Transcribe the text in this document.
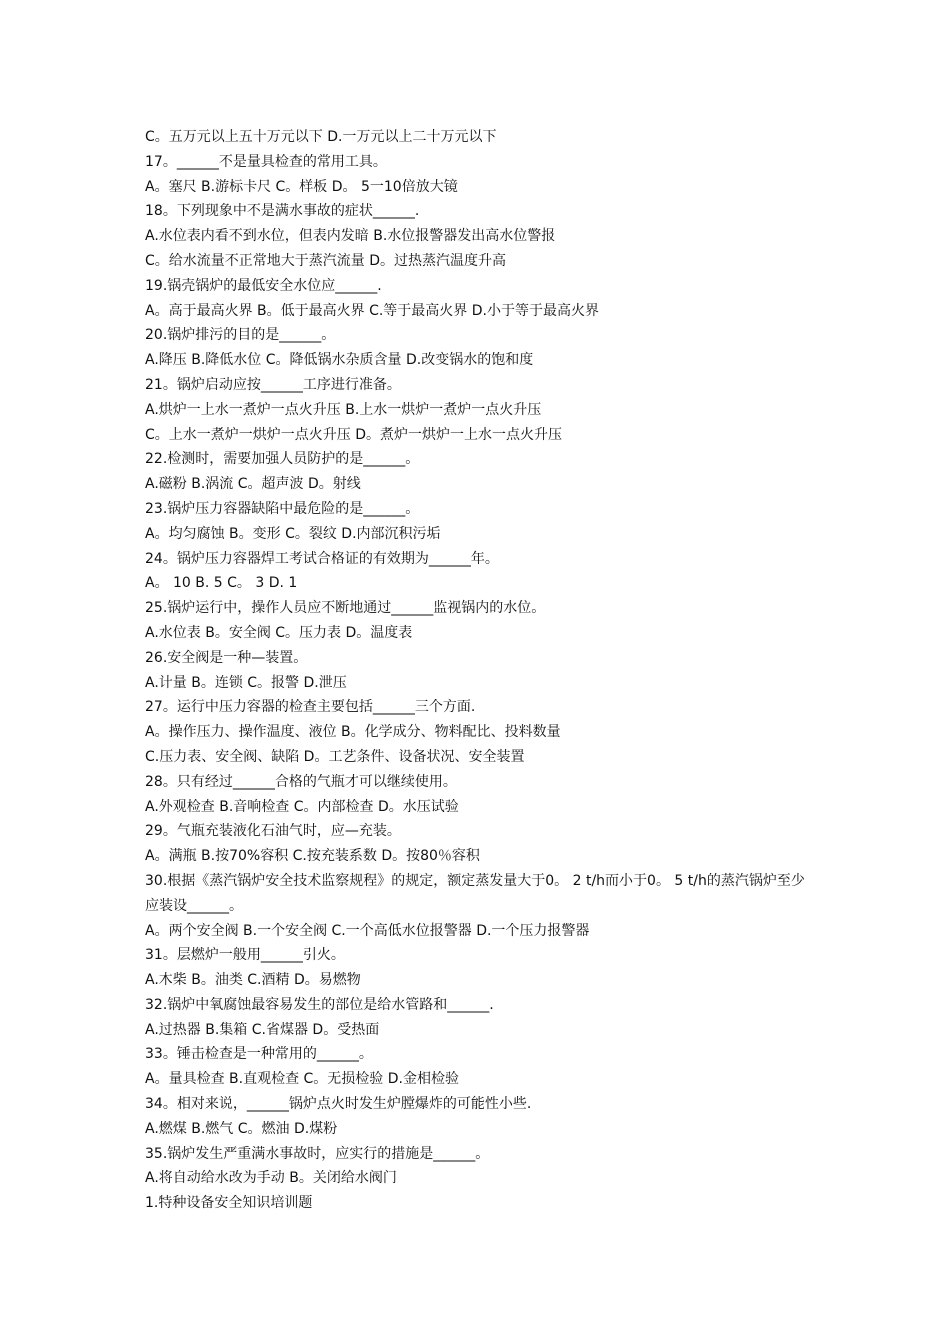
C。五万元以上五十万元以下 D.一万元以上二十万元以下
17。______不是量具检查的常用工具。
A。塞尺 B.游标卡尺 C。样板 D。 5一10倍放大镜
18。下列现象中不是满水事故的症状______.
A.水位表内看不到水位，但表内发暗 B.水位报警器发出高水位警报
C。给水流量不正常地大于蒸汽流量 D。过热蒸汽温度升高
19.锅壳锅炉的最低安全水位应______.
A。高于最高火界 B。低于最高火界 C.等于最高火界 D.小于等于最高火界
20.锅炉排污的目的是______。
A.降压 B.降低水位 C。降低锅水杂质含量 D.改变锅水的饱和度
21。锅炉启动应按______工序进行准备。
A.烘炉一上水一煮炉一点火升压 B.上水一烘炉一煮炉一点火升压
C。上水一煮炉一烘炉一点火升压 D。煮炉一烘炉一上水一点火升压
22.检测时，需要加强人员防护的是______。
A.磁粉 B.涡流 C。超声波 D。射线
23.锅炉压力容器缺陷中最危险的是______。
A。均匀腐蚀 B。变形 C。裂纹 D.内部沉积污垢
24。锅炉压力容器焊工考试合格证的有效期为______年。
A。 10 B. 5 C。 3 D. 1
25.锅炉运行中，操作人员应不断地通过______监视锅内的水位。
A.水位表 B。安全阀 C。压力表 D。温度表
26.安全阀是一种—装置。
A.计量 B。连锁 C。报警 D.泄压
27。运行中压力容器的检查主要包括______三个方面.
A。操作压力、操作温度、液位 B。化学成分、物料配比、投料数量
C.压力表、安全阀、缺陷 D。工艺条件、设备状况、安全装置
28。只有经过______合格的气瓶才可以继续使用。
A.外观检查 B.音响检查 C。内部检查 D。水压试验
29。气瓶充装液化石油气时，应—充装。
A。满瓶 B.按70%容积 C.按充装系数 D。按80％容积
30.根据《蒸汽锅炉安全技术监察规程》的规定，额定蒸发量大于0。 2 t/h而小于0。 5 t/h的蒸汽锅炉至少应装设______。
A。两个安全阀 B.一个安全阀 C.一个高低水位报警器 D.一个压力报警器
31。层燃炉一般用______引火。
A.木柴 B。油类 C.酒精 D。易燃物
32.锅炉中氧腐蚀最容易发生的部位是给水管路和______.
A.过热器 B.集箱 C.省煤器 D。受热面
33。锤击检查是一种常用的______。
A。量具检查 B.直观检查 C。无损检验 D.金相检验
34。相对来说，______锅炉点火时发生炉膛爆炸的可能性小些.
A.燃煤 B.燃气 C。燃油 D.煤粉
35.锅炉发生严重满水事故时，应实行的措施是______。
A.将自动给水改为手动 B。关闭给水阀门
1.特种设备安全知识培训题
